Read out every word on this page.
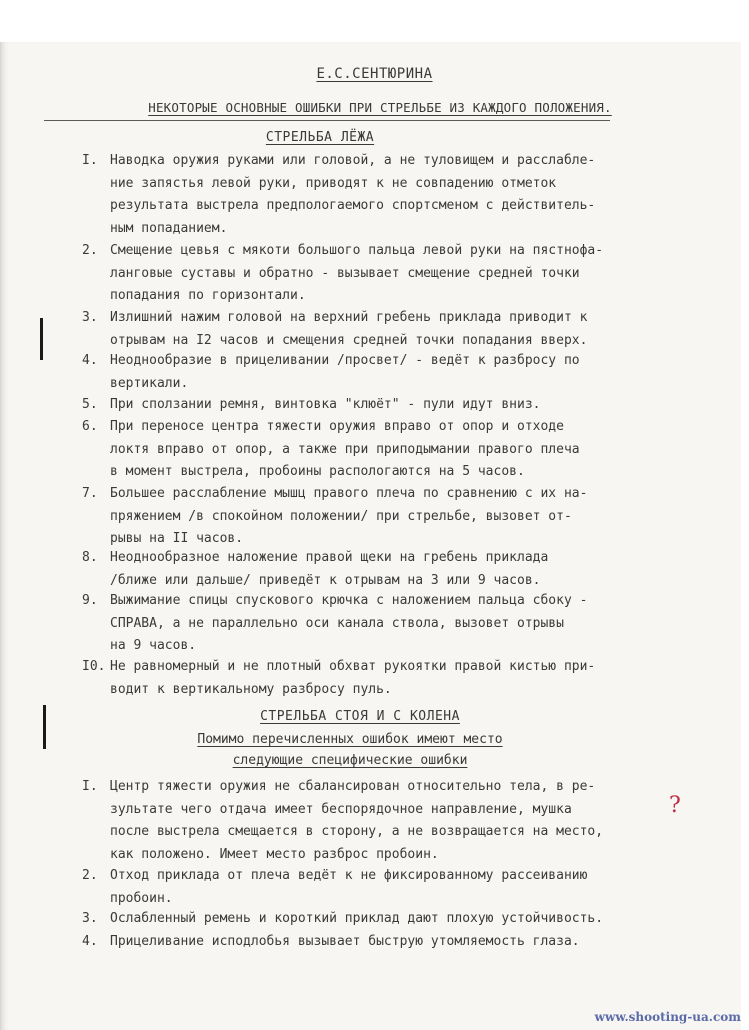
Е.С.СЕНТЮРИНА
НЕКОТОРЫЕ ОСНОВНЫЕ ОШИБКИ ПРИ СТРЕЛЬБЕ ИЗ КАЖДОГО ПОЛОЖЕНИЯ.
СТРЕЛЬБА ЛЁЖА
I. Наводка оружия руками или головой, а не туловищем и расслабле-
ние запястья левой руки, приводят к не совпадению отметок
результата выстрела предпологаемого спортсменом с действитель-
ным попаданием.
2. Смещение цевья с мякоти большого пальца левой руки на пястнофа-
ланговые суставы и обратно - вызывает смещение средней точки
попадания по горизонтали.
3. Излишний нажим головой на верхний гребень приклада приводит к
отрывам на I2 часов и смещения средней точки попадания вверх.
4. Неоднообразие в прицеливании /просвет/ - ведёт к разбросу по
вертикали.
5. При сползании ремня, винтовка "клюёт" - пули идут вниз.
6. При переносе центра тяжести оружия вправо от опор и отходе
локтя вправо от опор, а также при приподымании правого плеча
в момент выстрела, пробоины распологаются на 5 часов.
7. Большее расслабление мышц правого плеча по сравнению с их на-
пряжением /в спокойном положении/ при стрельбе, вызовет от-
рывы на II часов.
8. Неоднообразное наложение правой щеки на гребень приклада
/ближе или дальше/ приведёт к отрывам на 3 или 9 часов.
9. Выжимание спицы спускового крючка с наложением пальца сбоку -
СПРАВА, а не параллельно оси канала ствола, вызовет отрывы
на 9 часов.
I0. Не равномерный и не плотный обхват рукоятки правой кистью при-
водит к вертикальному разбросу пуль.
СТРЕЛЬБА СТОЯ И С КОЛЕНА
Помимо перечисленных ошибок имеют место
следующие специфические ошибки
I. Центр тяжести оружия не сбалансирован относительно тела, в ре-
зультате чего отдача имеет беспорядочное направление, мушка
после выстрела смещается в сторону, а не возвращается на место,
как положено. Имеет место разброс пробоин.
2. Отход приклада от плеча ведёт к не фиксированному рассеиванию
пробоин.
3. Ослабленный ремень и короткий приклад дают плохую устойчивость.
4. Прицеливание исподлобья вызывает быструю утомляемость глаза.
?
www.shooting-ua.com
